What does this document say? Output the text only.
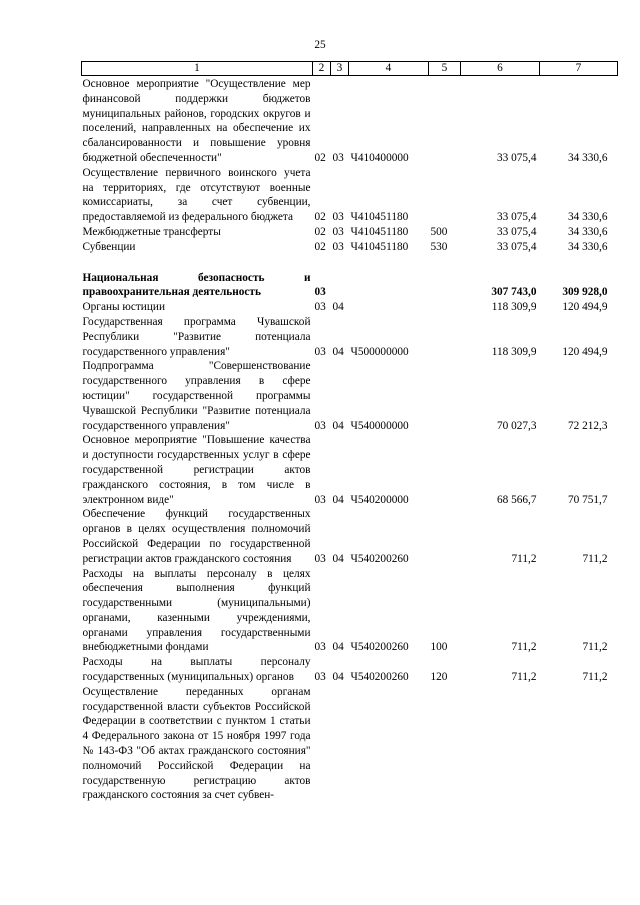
25
1	2	3	4	5	6	7
Основное мероприятие "Осуществление мер финансовой поддержки бюджетов муниципальных районов, городских округов и поселений, направленных на обеспечение их сбалансированности и повышение уровня бюджетной обеспеченности"	02	03	Ч410400000		33 075,4	34 330,6
Осуществление первичного воинского учета на территориях, где отсутствуют военные комиссариаты, за счет субвенции, предоставляемой из федерального бюджета	02	03	Ч410451180		33 075,4	34 330,6
Межбюджетные трансферты	02	03	Ч410451180	500	33 075,4	34 330,6
Субвенции	02	03	Ч410451180	530	33 075,4	34 330,6

Национальная безопасность и правоохранительная деятельность	03				307 743,0	309 928,0
Органы юстиции	03	04			118 309,9	120 494,9
Государственная программа Чувашской Республики "Развитие потенциала государственного управления"	03	04	Ч500000000		118 309,9	120 494,9
Подпрограмма "Совершенствование государственного управления в сфере юстиции" государственной программы Чувашской Республики "Развитие потенциала государственного управления"	03	04	Ч540000000		70 027,3	72 212,3
Основное мероприятие "Повышение качества и доступности государственных услуг в сфере государственной регистрации актов гражданского состояния, в том числе в электронном виде"	03	04	Ч540200000		68 566,7	70 751,7
Обеспечение функций государственных органов в целях осуществления полномочий Российской Федерации по государственной регистрации актов гражданского состояния	03	04	Ч540200260		711,2	711,2
Расходы на выплаты персоналу в целях обеспечения выполнения функций государственными (муниципальными) органами, казенными учреждениями, органами управления государственными внебюджетными фондами	03	04	Ч540200260	100	711,2	711,2
Расходы на выплаты персоналу государственных (муниципальных) органов	03	04	Ч540200260	120	711,2	711,2
Осуществление переданных органам государственной власти субъектов Российской Федерации в соответствии с пунктом 1 статьи 4 Федерального закона от 15 ноября 1997 года № 143-ФЗ "Об актах гражданского состояния" полномочий Российской Федерации на государственную регистрацию актов гражданского состояния за счет субвен-						
